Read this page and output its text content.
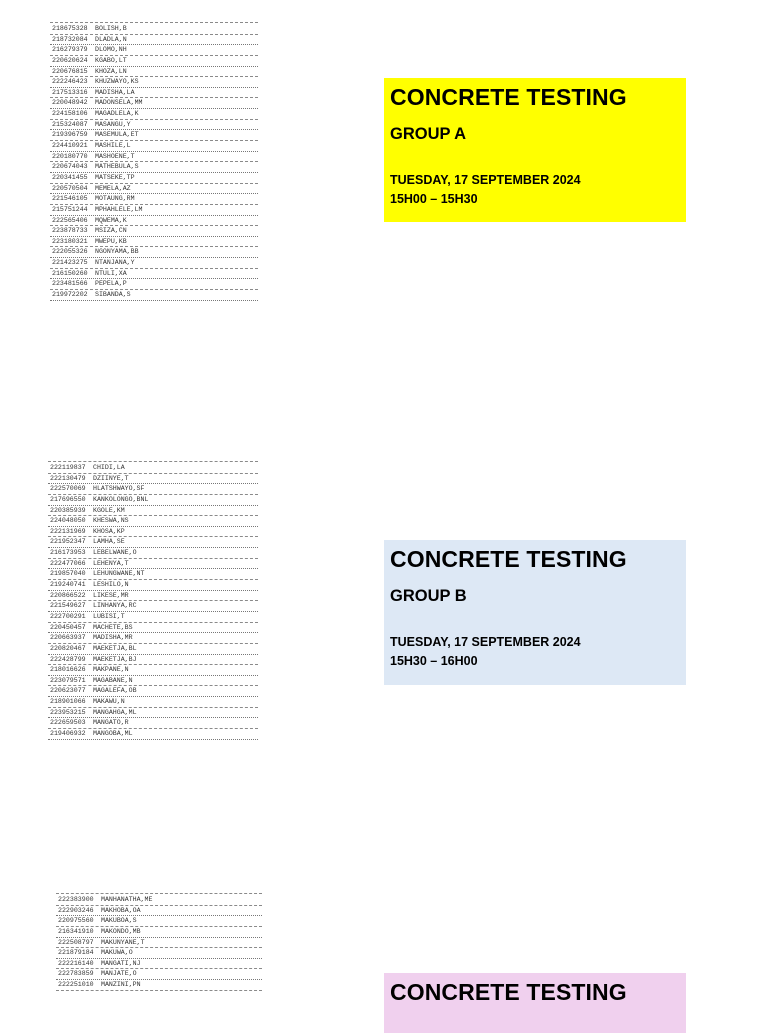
218675328 BOLISH,B
218732084 DLADLA,N
216279379 DLOMO,NH
220620624 KGABO,LT
220676815 KHOZA,LN
222246423 KHUZWAYO,KS
217513316 MADISHA,LA
220048942 MADONSELA,MM
224158106 MAGADLELA,K
215324087 MASANGU,Y
219396759 MASEMULA,ET
224410921 MASHILE,L
220180770 MASHOENE,T
220674043 MATHEBULA,S
220341455 MATSEKE,TP
220570504 MEMELA,AZ
221546105 MOTAUNG,RM
215751244 MPHAHLELE,LM
222565406 MQWEMA,K
223878733 MSIZA,CN
223180321 MWEPU,KB
222055326 NGONYAMA,BB
221423275 NTANJANA,Y
216150260 NTULI,XA
223481566 PEPELA,P
219972202 SIBANDA,S
222119837 CHIDI,LA
222130479 DZIINYE,T
222570069 HLATSHWAYO,SF
217696550 KANKOLONGO,BNL
220385939 KGOLE,KM
224048050 KHESWA,NS
222131969 KHOSA,KP
221952347 LAMHA,SE
216173953 LEBELWANE,O
222477066 LEHENYA,T
219857040 LEHUNGWANE,NT
219240741 LESHILO,N
220866522 LIKESE,MR
221549627 LINHANYA,RC
222700291 LUBISI,T
220450457 MACHETE,BS
220663937 MADISHA,MR
220820467 MAEKETJA,BL
222428799 MAEKETJA,BJ
218016626 MAKPANE,N
223079571 MAGABANE,N
220623077 MAGALEFA,OB
218901066 MAKAWU,N
223953215 MANGAHGA,ML
222659503 MANGATO,R
219406932 MANGOBA,ML
222383900 MANHANATHA,ME
222903246 MAKHOBA,OA
220975560 MAKUBOA,S
216341910 MAKONDO,MB
222508797 MAKUNYANE,T
221879184 MAKUWA,O
222216140 MANGATI,NJ
222783859 MANJATE,O
222251010 MANZINI,PN
CONCRETE TESTING
GROUP A
TUESDAY, 17 SEPTEMBER 2024
15H00 – 15H30
CONCRETE TESTING
GROUP B
TUESDAY, 17 SEPTEMBER 2024
15H30 – 16H00
CONCRETE TESTING
